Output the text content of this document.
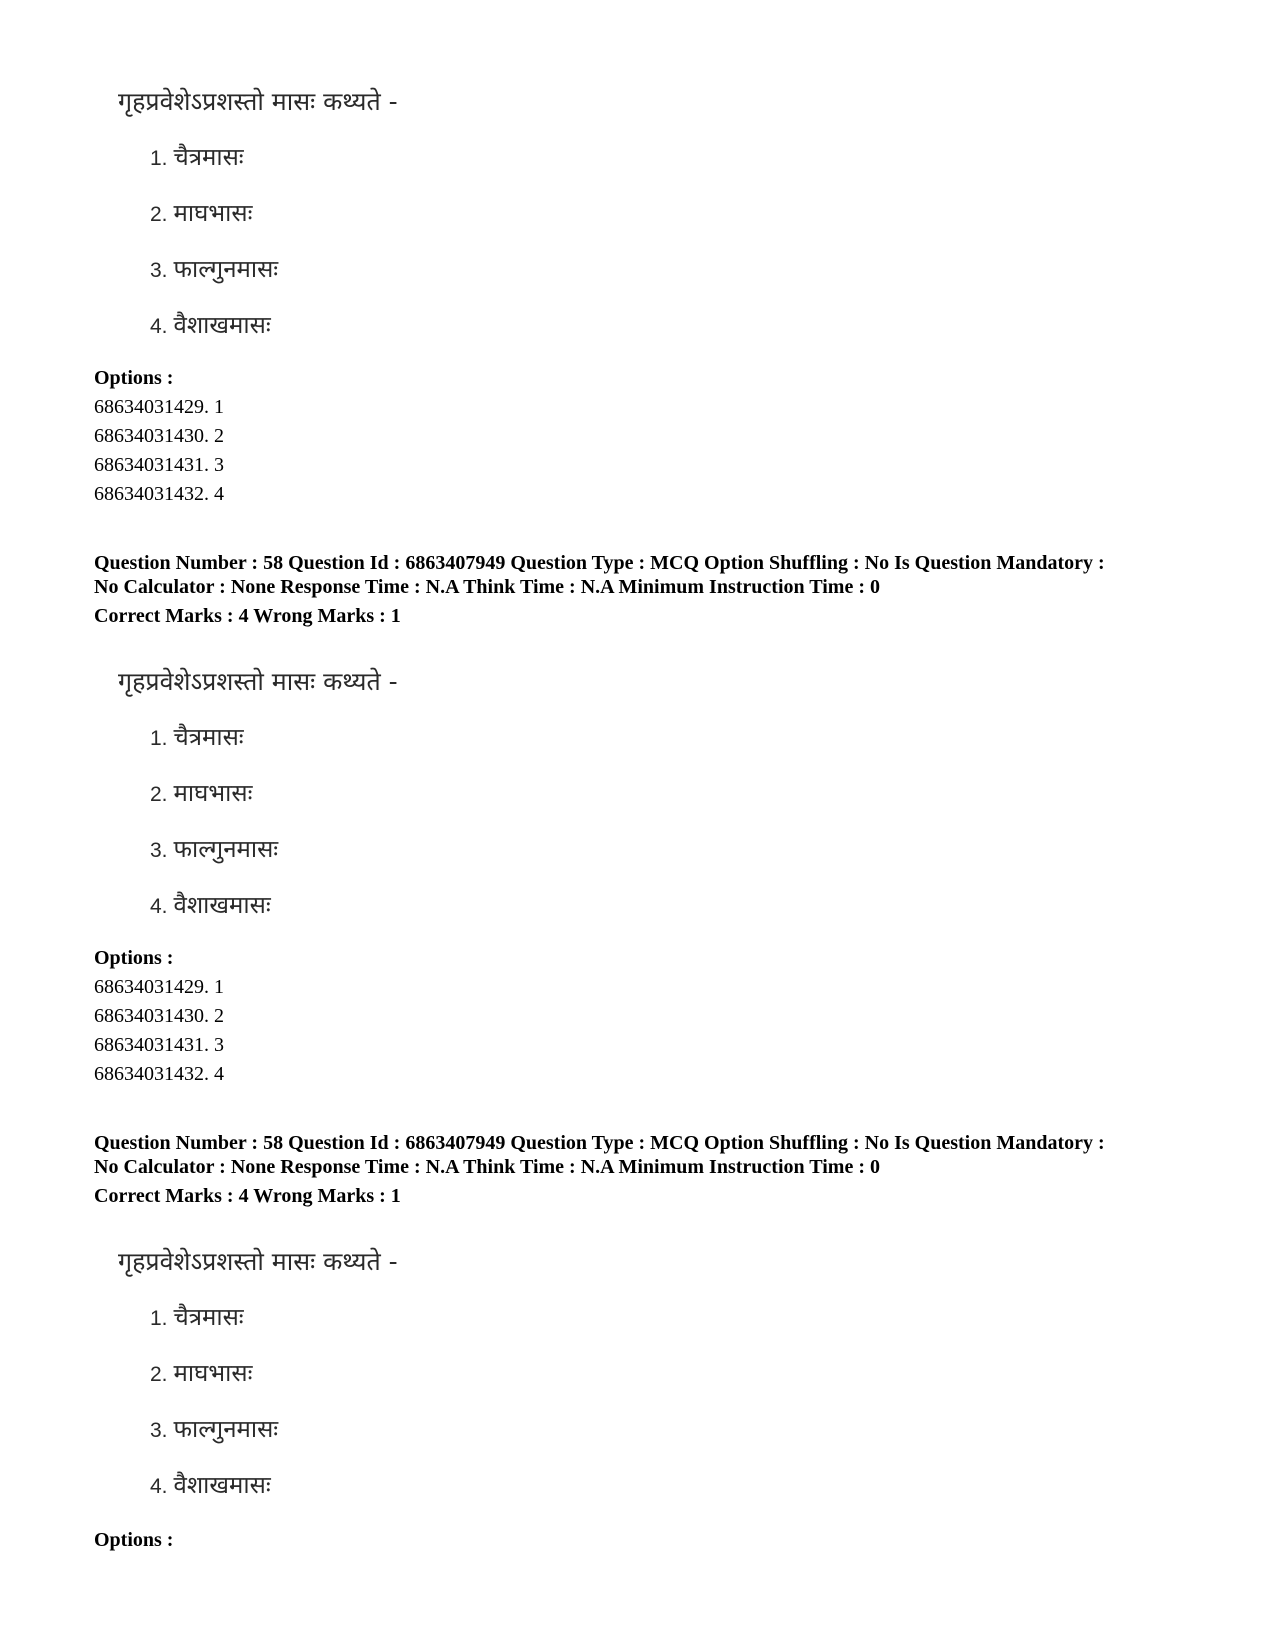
गृहप्रवेशेऽप्रशस्तो मासः कथ्यते -
1. चैत्रमासः
2. माघभासः
3. फाल्गुनमासः
4. वैशाखमासः
Options :
68634031429. 1
68634031430. 2
68634031431. 3
68634031432. 4
Question Number : 58 Question Id : 6863407949 Question Type : MCQ Option Shuffling : No Is Question Mandatory :
No Calculator : None Response Time : N.A Think Time : N.A Minimum Instruction Time : 0
Correct Marks : 4 Wrong Marks : 1
गृहप्रवेशेऽप्रशस्तो मासः कथ्यते -
1. चैत्रमासः
2. माघभासः
3. फाल्गुनमासः
4. वैशाखमासः
Options :
68634031429. 1
68634031430. 2
68634031431. 3
68634031432. 4
Question Number : 58 Question Id : 6863407949 Question Type : MCQ Option Shuffling : No Is Question Mandatory :
No Calculator : None Response Time : N.A Think Time : N.A Minimum Instruction Time : 0
Correct Marks : 4 Wrong Marks : 1
गृहप्रवेशेऽप्रशस्तो मासः कथ्यते -
1. चैत्रमासः
2. माघभासः
3. फाल्गुनमासः
4. वैशाखमासः
Options :
